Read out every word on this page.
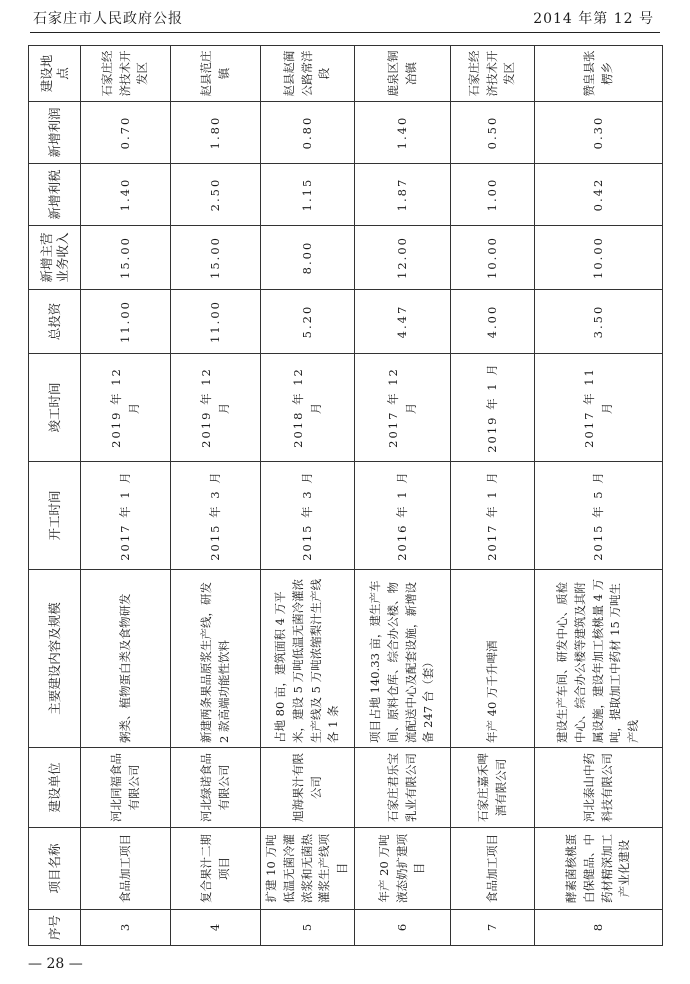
石家庄市人民政府公报	2014 年第 12 号
序号	项目名称	建设单位	主要建设内容及规模	开工时间	竣工时间	总投资	新增主营业务收入	新增利税	新增利润	建设地点
3	食品加工项目	河北同福食品有限公司	粥类、植物蛋白类及食物研发	2017 年 1 月	2019 年 12 月	11.00	15.00	1.40	0.70	石家庄经济技术开发区
4	复合果汁二期项目	河北绿诺食品有限公司	新建两条果品原浆生产线，研发 2 款高端功能性饮料	2015 年 3 月	2019 年 12 月	11.00	15.00	2.50	1.80	赵县范庄镇
5	扩建 10 万吨低温无菌冷灌浓浆和无菌热灌浆生产线项目	旭海果汁有限公司	占地 80 亩，建筑面积 4 万平米，建设 5 万吨低温无菌冷灌浓生产线及 5 万吨浓缩梨汁生产线各 1 条	2015 年 3 月	2018 年 12 月	5.20	8.00	1.15	0.80	赵县赵蔺公路常洋段
6	年产 20 万吨液态奶扩建项目	石家庄君乐宝乳业有限公司	项目占地 140.33 亩，建生产车间、原料仓库、综合办公楼、物流配送中心及配套设施，新增设备 247 台（套）	2016 年 1 月	2017 年 12 月	4.47	12.00	1.87	1.40	鹿泉区铜冶镇
7	食品加工项目	石家庄嘉禾啤酒有限公司	年产 40 万千升啤酒	2017 年 1 月	2019 年 1 月	4.00	10.00	1.00	0.50	石家庄经济技术开发区
8	酵素菌核桃蛋白保健品、中药材精深加工产业化建设	河北泰山中药科技有限公司	建设生产车间、研发中心、质检中心、综合办公楼等建筑及其附属设施，建设年加工核桃量 4 万吨，提取加工中药材 15 万吨生产线	2015 年 5 月	2017 年 11 月	3.50	10.00	0.42	0.30	赞皇县张楞乡
— 28 —
